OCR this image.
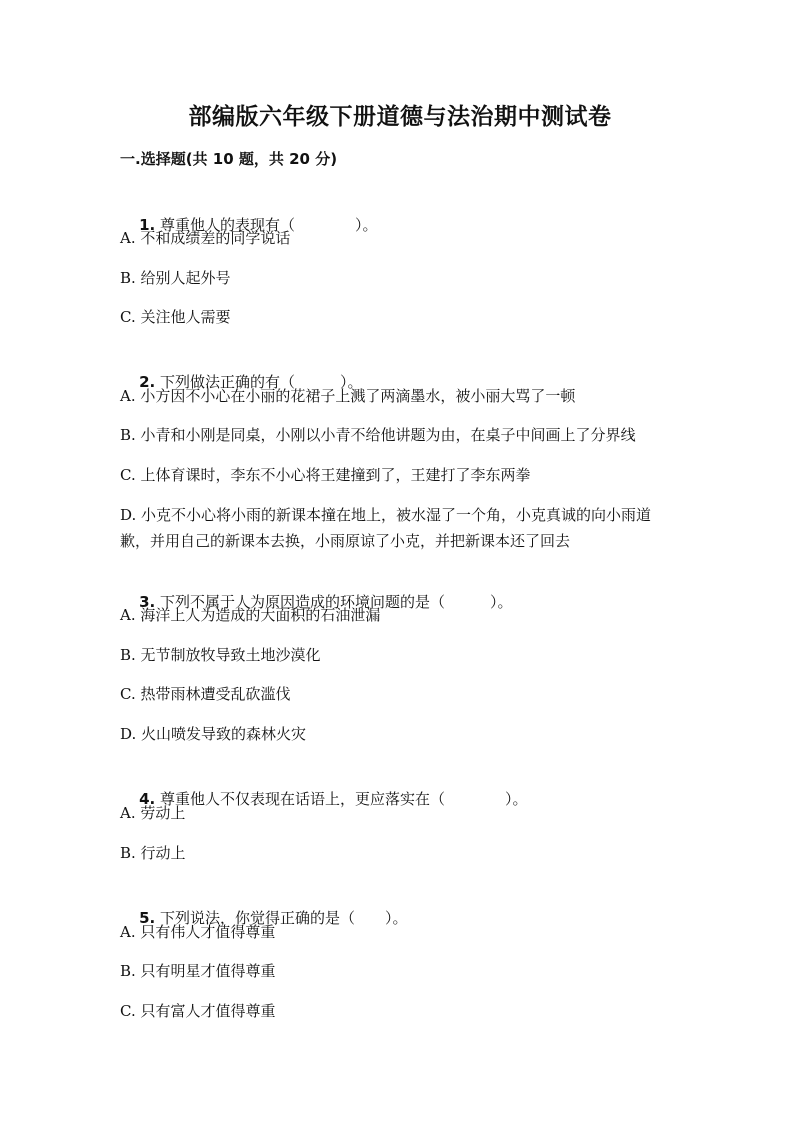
部编版六年级下册道德与法治期中测试卷
一.选择题(共 10 题，共 20 分)

1. 尊重他人的表现有（　　　　）。

A. 不和成绩差的同学说话
B. 给别人起外号
C. 关注他人需要

2. 下列做法正确的有（　　　）。

A. 小方因不小心在小丽的花裙子上溅了两滴墨水，被小丽大骂了一顿
B. 小青和小刚是同桌，小刚以小青不给他讲题为由，在桌子中间画上了分界线
C. 上体育课时，李东不小心将王建撞到了，王建打了李东两拳
D. 小克不小心将小雨的新课本撞在地上，被水湿了一个角，小克真诚的向小雨道歉，并用自己的新课本去换，小雨原谅了小克，并把新课本还了回去

3. 下列不属于人为原因造成的环境问题的是（　　　）。

A. 海洋上人为造成的大面积的石油泄漏
B. 无节制放牧导致土地沙漠化
C. 热带雨林遭受乱砍滥伐
D. 火山喷发导致的森林火灾

4. 尊重他人不仅表现在话语上，更应落实在（　　　　）。

A. 劳动上
B. 行动上

5. 下列说法，你觉得正确的是（　　）。

A. 只有伟人才值得尊重
B. 只有明星才值得尊重
C. 只有富人才值得尊重
